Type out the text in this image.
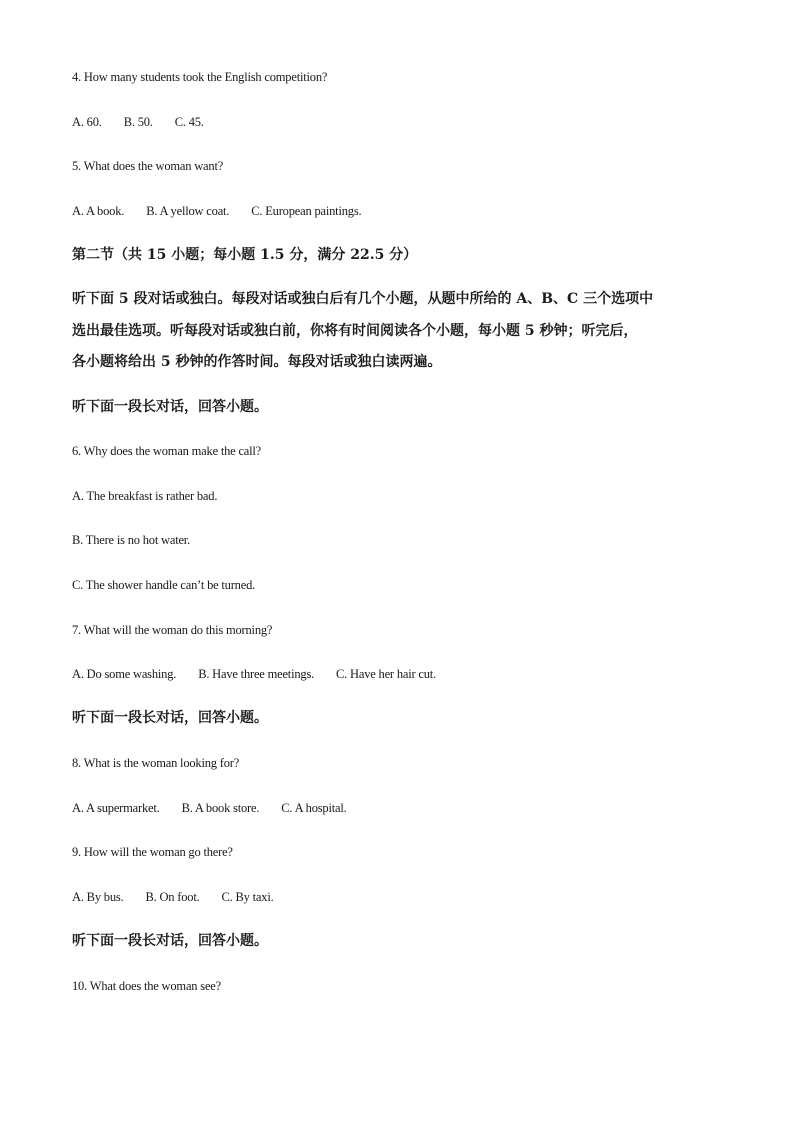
4. How many students took the English competition?
A. 60. B. 50. C. 45.
5. What does the woman want?
A. A book. B. A yellow coat. C. European paintings.
第二节（共 15 小题；每小题 1.5 分，满分 22.5 分）
听下面 5 段对话或独白。每段对话或独白后有几个小题，从题中所给的 A、B、C 三个选项中
选出最佳选项。听每段对话或独白前，你将有时间阅读各个小题，每小题 5 秒钟；听完后，
各小题将给出 5 秒钟的作答时间。每段对话或独白读两遍。
听下面一段长对话，回答小题。
6. Why does the woman make the call?
A. The breakfast is rather bad.
B. There is no hot water.
C. The shower handle can’t be turned.
7. What will the woman do this morning?
A. Do some washing. B. Have three meetings. C. Have her hair cut.
听下面一段长对话，回答小题。
8. What is the woman looking for?
A. A supermarket. B. A book store. C. A hospital.
9. How will the woman go there?
A. By bus. B. On foot. C. By taxi.
听下面一段长对话，回答小题。
10. What does the woman see?
